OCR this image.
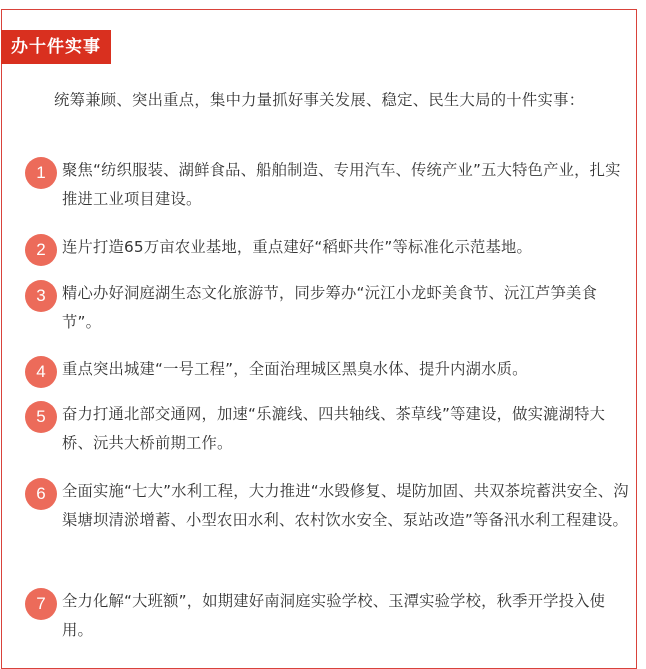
办十件实事

统筹兼顾、突出重点，集中力量抓好事关发展、稳定、民生大局的十件实事：

1	聚焦“纺织服装、湖鲜食品、船舶制造、专用汽车、传统产业”五大特色产业，扎实推进工业项目建设。

2	连片打造65万亩农业基地，重点建好“稻虾共作”等标准化示范基地。

3	精心办好洞庭湖生态文化旅游节，同步筹办“沅江小龙虾美食节、沅江芦笋美食节”。

4	重点突出城建“一号工程”，全面治理城区黑臭水体、提升内湖水质。

5	奋力打通北部交通网，加速“乐漉线、四共轴线、茶草线”等建设，做实漉湖特大桥、沅共大桥前期工作。

6	全面实施“七大”水利工程，大力推进“水毁修复、堤防加固、共双茶垸蓄洪安全、沟渠塘坝清淤增蓄、小型农田水利、农村饮水安全、泵站改造”等备汛水利工程建设。

7	全力化解“大班额”，如期建好南洞庭实验学校、玉潭实验学校，秋季开学投入使用。
